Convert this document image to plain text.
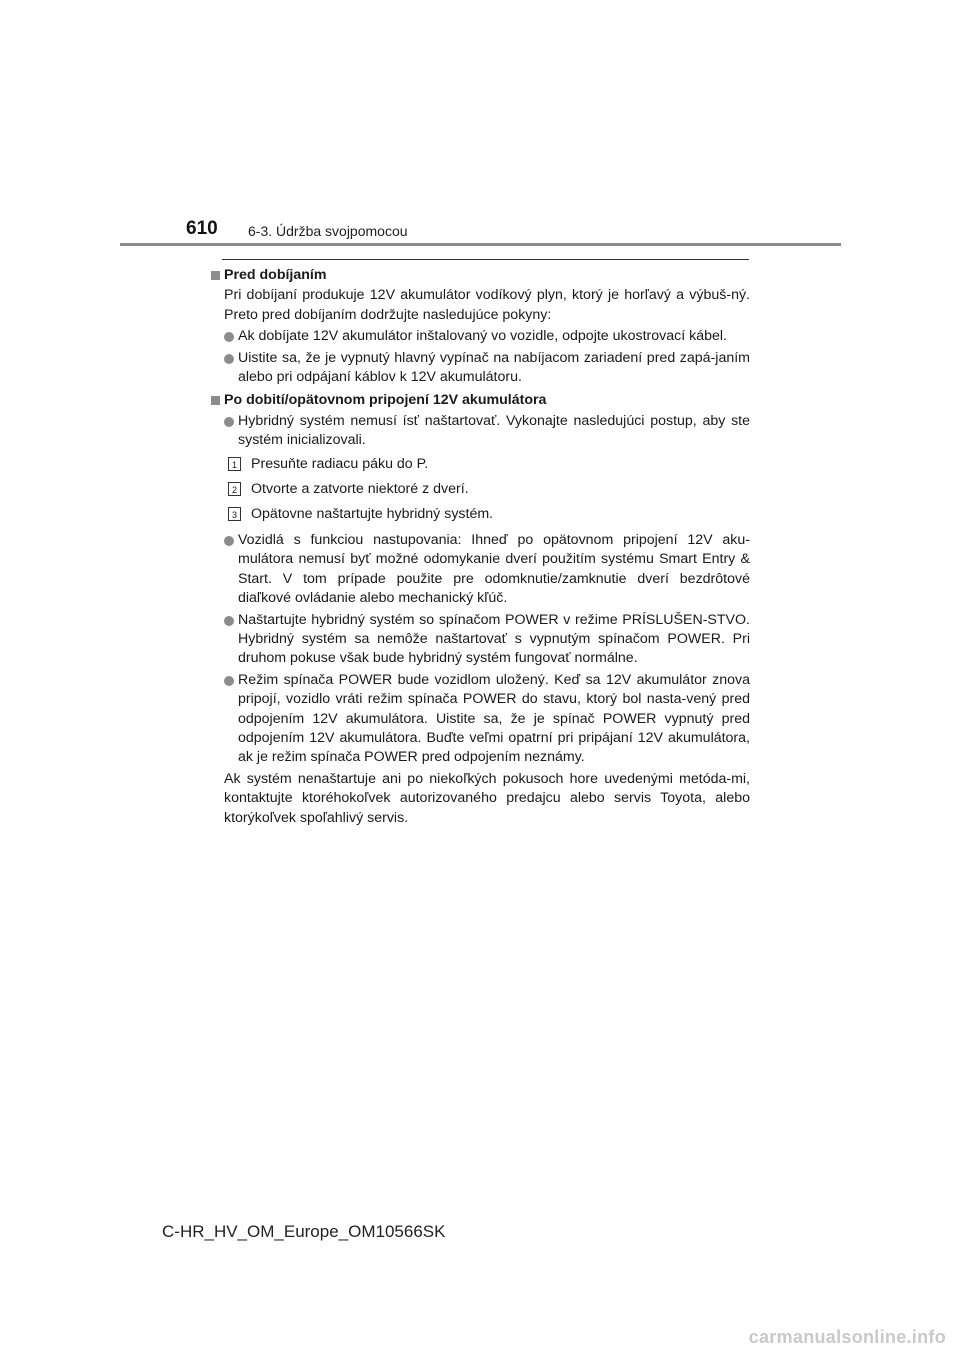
610 6-3. Údržba svojpomocou
Pred dobíjaním
Pri dobíjaní produkuje 12V akumulátor vodíkový plyn, ktorý je horľavý a výbuš-ný. Preto pred dobíjaním dodržujte nasledujúce pokyny:
Ak dobíjate 12V akumulátor inštalovaný vo vozidle, odpojte ukostrovací kábel.
Uistite sa, že je vypnutý hlavný vypínač na nabíjacom zariadení pred zapá-janím alebo pri odpájaní káblov k 12V akumulátoru.
Po dobití/opätovnom pripojení 12V akumulátora
Hybridný systém nemusí ísť naštartovať. Vykonajte nasledujúci postup, aby ste systém inicializovali.
1 Presuňte radiacu páku do P.
2 Otvorte a zatvorte niektoré z dverí.
3 Opätovne naštartujte hybridný systém.
Vozidlá s funkciou nastupovania: Ihneď po opätovnom pripojení 12V aku-mulátora nemusí byť možné odomykanie dverí použitím systému Smart Entry & Start. V tom prípade použite pre odomknutie/zamknutie dverí bezdrôtové diaľkové ovládanie alebo mechanický kľúč.
Naštartujte hybridný systém so spínačom POWER v režime PRÍSLUŠEN-STVO. Hybridný systém sa nemôže naštartovať s vypnutým spínačom POWER. Pri druhom pokuse však bude hybridný systém fungovať normálne.
Režim spínača POWER bude vozidlom uložený. Keď sa 12V akumulátor znova pripojí, vozidlo vráti režim spínača POWER do stavu, ktorý bol nasta-vený pred odpojením 12V akumulátora. Uistite sa, že je spínač POWER vypnutý pred odpojením 12V akumulátora. Buďte veľmi opatrní pri pripájaní 12V akumulátora, ak je režim spínača POWER pred odpojením neznámy.
Ak systém nenaštartuje ani po niekoľkých pokusoch hore uvedenými metóda-mi, kontaktujte ktoréhokoľvek autorizovaného predajcu alebo servis Toyota, alebo ktorýkoľvek spoľahlivý servis.
C-HR_HV_OM_Europe_OM10566SK
carmanualsonline.info
